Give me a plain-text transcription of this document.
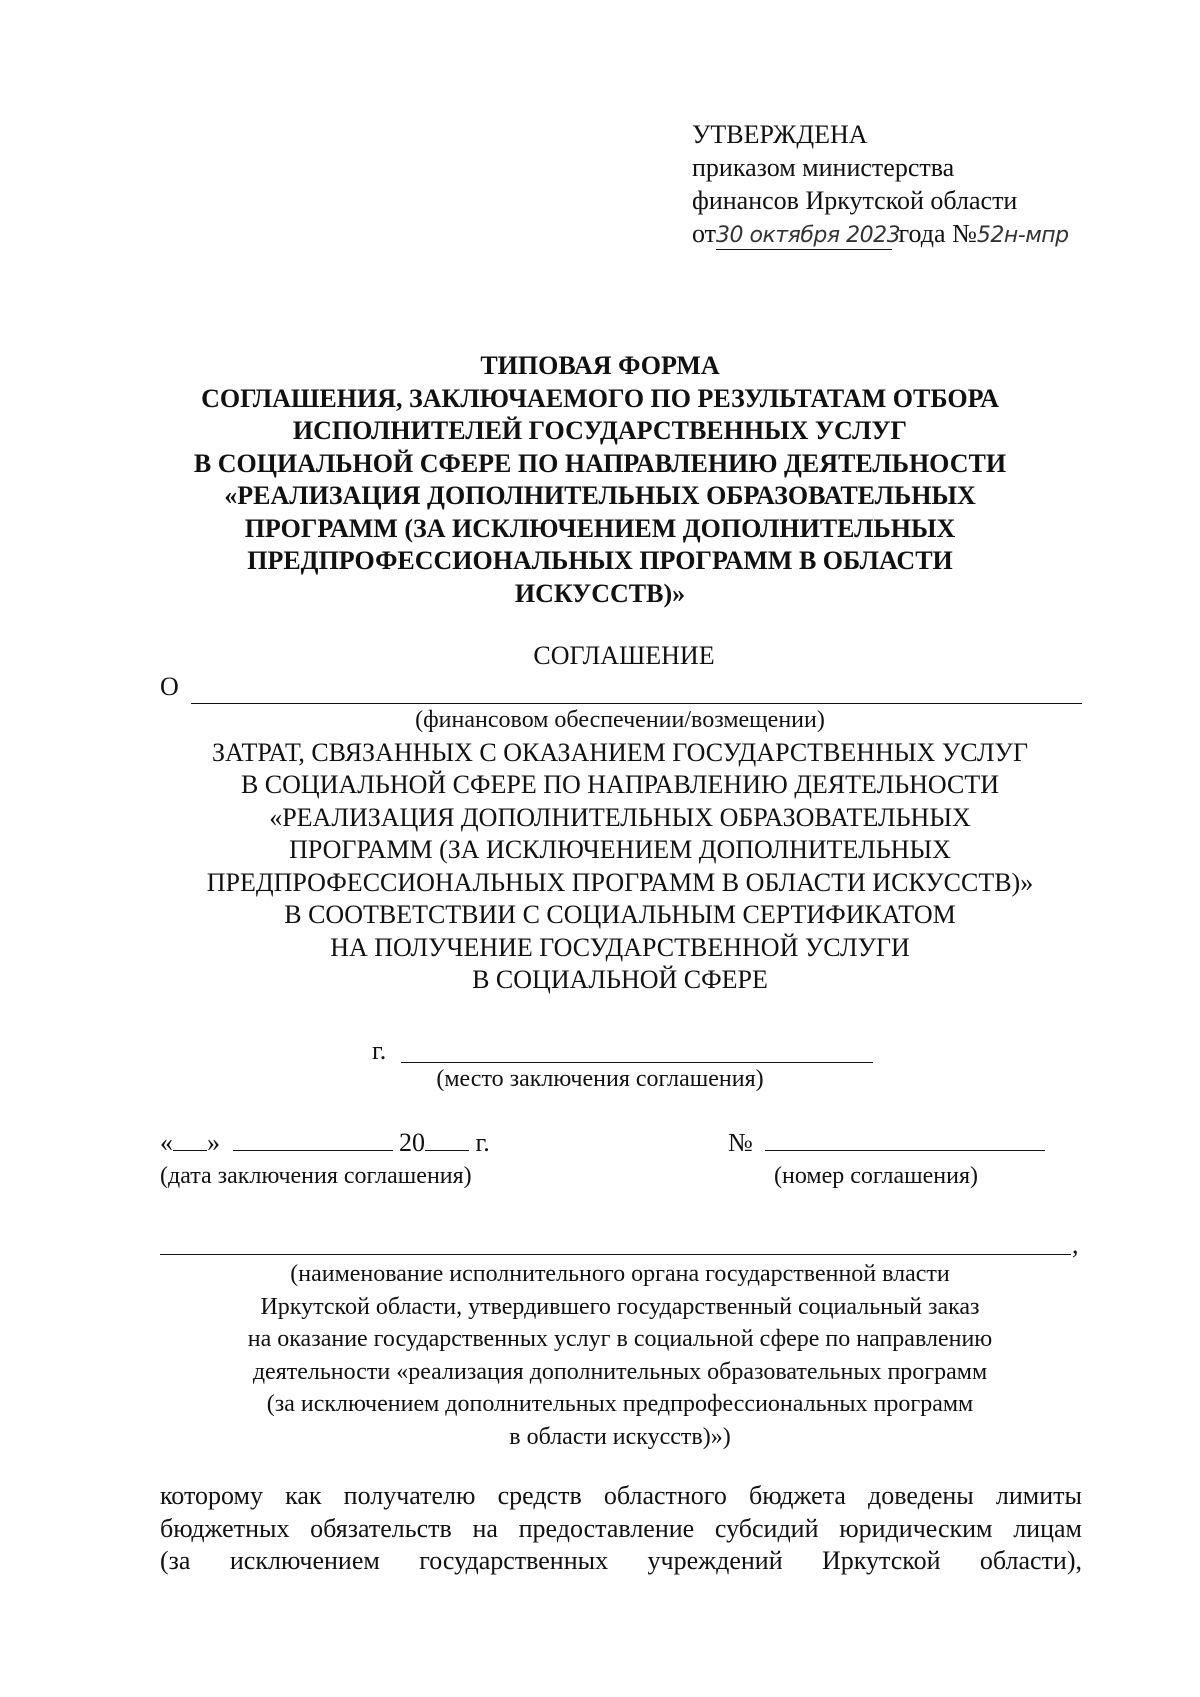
УТВЕРЖДЕНА
приказом министерства
финансов Иркутской области
от30 октября 2023 года №52н-мпр
ТИПОВАЯ ФОРМА
СОГЛАШЕНИЯ, ЗАКЛЮЧАЕМОГО ПО РЕЗУЛЬТАТАМ ОТБОРА
ИСПОЛНИТЕЛЕЙ ГОСУДАРСТВЕННЫХ УСЛУГ
В СОЦИАЛЬНОЙ СФЕРЕ ПО НАПРАВЛЕНИЮ ДЕЯТЕЛЬНОСТИ
«РЕАЛИЗАЦИЯ ДОПОЛНИТЕЛЬНЫХ ОБРАЗОВАТЕЛЬНЫХ
ПРОГРАММ (ЗА ИСКЛЮЧЕНИЕМ ДОПОЛНИТЕЛЬНЫХ
ПРЕДПРОФЕССИОНАЛЬНЫХ ПРОГРАММ В ОБЛАСТИ
ИСКУССТВ)»
СОГЛАШЕНИЕ
О
(финансовом обеспечении/возмещении)
ЗАТРАТ, СВЯЗАННЫХ С ОКАЗАНИЕМ ГОСУДАРСТВЕННЫХ УСЛУГ
В СОЦИАЛЬНОЙ СФЕРЕ ПО НАПРАВЛЕНИЮ ДЕЯТЕЛЬНОСТИ
«РЕАЛИЗАЦИЯ ДОПОЛНИТЕЛЬНЫХ ОБРАЗОВАТЕЛЬНЫХ
ПРОГРАММ (ЗА ИСКЛЮЧЕНИЕМ ДОПОЛНИТЕЛЬНЫХ
ПРЕДПРОФЕССИОНАЛЬНЫХ ПРОГРАММ В ОБЛАСТИ ИСКУССТВ)»
В СООТВЕТСТВИИ С СОЦИАЛЬНЫМ СЕРТИФИКАТОМ
НА ПОЛУЧЕНИЕ ГОСУДАРСТВЕННОЙ УСЛУГИ
В СОЦИАЛЬНОЙ СФЕРЕ
г.
(место заключения соглашения)
« »	20 г.	№
(дата заключения соглашения)	(номер соглашения)
,
(наименование исполнительного органа государственной власти
Иркутской области, утвердившего государственный социальный заказ
на оказание государственных услуг в социальной сфере по направлению
деятельности «реализация дополнительных образовательных программ
(за исключением дополнительных предпрофессиональных программ
в области искусств)»)
которому как получателю средств областного бюджета доведены лимиты
бюджетных обязательств на предоставление субсидий юридическим лицам
(за исключением государственных учреждений Иркутской области),
